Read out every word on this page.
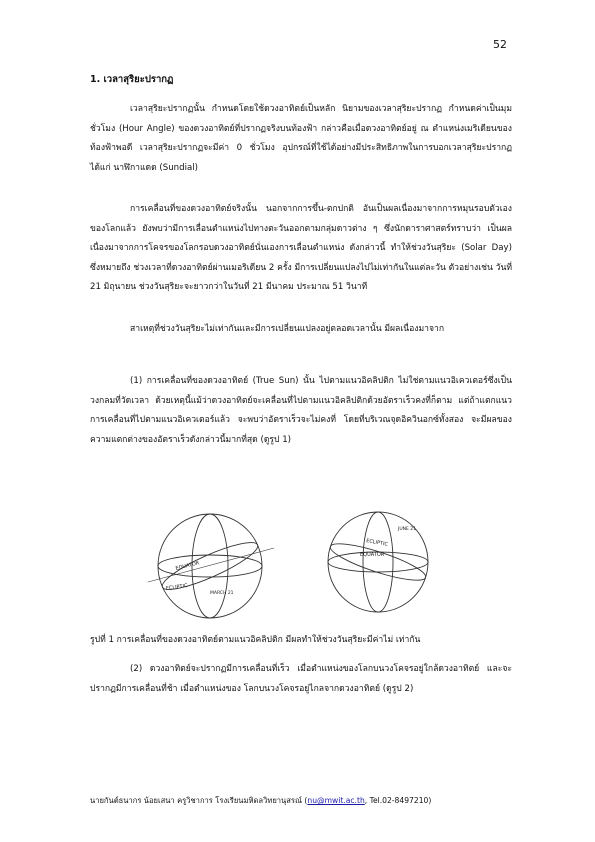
52
1. เวลาสุริยะปรากฏ
เวลาสุริยะปรากฏนั้น กำหนดโดยใช้ดวงอาทิตย์เป็นหลัก นิยามของเวลาสุริยะปรากฏ กำหนดค่าเป็นมุมชั่วโมง (Hour Angle) ของดวงอาทิตย์ที่ปรากฏจริงบนท้องฟ้า กล่าวคือเมื่อดวงอาทิตย์อยู่ ณ ตำแหน่งเมริเดียนของท้องฟ้าพอดี เวลาสุริยะปรากฏจะมีค่า 0 ชั่วโมง อุปกรณ์ที่ใช้ได้อย่างมีประสิทธิภาพในการบอกเวลาสุริยะปรากฏ ได้แก่ นาฬิกาแดด (Sundial)
การเคลื่อนที่ของดวงอาทิตย์จริงนั้น นอกจากการขึ้น-ตกปกติ อันเป็นผลเนื่องมาจากการหมุนรอบตัวเองของโลกแล้ว ยังพบว่ามีการเลื่อนตำแหน่งไปทางตะวันออกตามกลุ่มดาวต่าง ๆ ซึ่งนักดาราศาสตร์ทราบว่า เป็นผลเนื่องมาจากการโคจรของโลกรอบดวงอาทิตย์นั่นเองการเลื่อนตำแหน่ง ดังกล่าวนี้ ทำให้ช่วงวันสุริยะ (Solar Day) ซึ่งหมายถึง ช่วงเวลาที่ดวงอาทิตย์ผ่านเมอริเดียน 2 ครั้ง มีการเปลี่ยนแปลงไปไม่เท่ากันในแต่ละวัน ตัวอย่างเช่น วันที่ 21 มิถุนายน ช่วงวันสุริยะจะยาวกว่าในวันที่ 21 มีนาคม ประมาณ 51 วินาที
สาเหตุที่ช่วงวันสุริยะไม่เท่ากันและมีการเปลี่ยนแปลงอยู่ตลอดเวลานั้น มีผลเนื่องมาจาก
(1) การเคลื่อนที่ของดวงอาทิตย์ (True Sun) นั้น ไปตามแนวอิคลิปติก ไม่ใช่ตามแนวอิเควเตอร์ซึ่งเป็นวงกลมที่วัดเวลา ด้วยเหตุนี้แม้ว่าดวงอาทิตย์จะเคลื่อนที่ไปตามแนวอิคลิปติกด้วยอัตราเร็วคงที่ก็ตาม แต่ถ้าแตกแนวการเคลื่อนที่ไปตามแนวอิเควเตอร์แล้ว จะพบว่าอัตราเร็วจะไม่คงที่ โดยที่บริเวณจุดอิควินอกซ์ทั้งสอง จะมีผลของความแตกต่างของอัตราเร็วดังกล่าวนี้มากที่สุด (ดูรูป 1)
EQUATOR
ECLIPTIC
MARCH 21
JUNE 21
ECLIPTIC
EQUATOR
รูปที่ 1 การเคลื่อนที่ของดวงอาทิตย์ตามแนวอิคลิปติก มีผลทำให้ช่วงวันสุริยะมีค่าไม่ เท่ากัน
(2) ดวงอาทิตย์จะปรากฏมีการเคลื่อนที่เร็ว เมื่อตำแหน่งของโลกบนวงโคจรอยู่ใกล้ดวงอาทิตย์ และจะปรากฏมีการเคลื่อนที่ช้า เมื่อตำแหน่งของ โลกบนวงโคจรอยู่ไกลจากดวงอาทิตย์ (ดูรูป 2)
นายกันต์ธนากร น้อยเสนา ครูวิชาการ โรงเรียนมหิดลวิทยานุสรณ์ (nu@mwit.ac.th, Tel.02-8497210)
